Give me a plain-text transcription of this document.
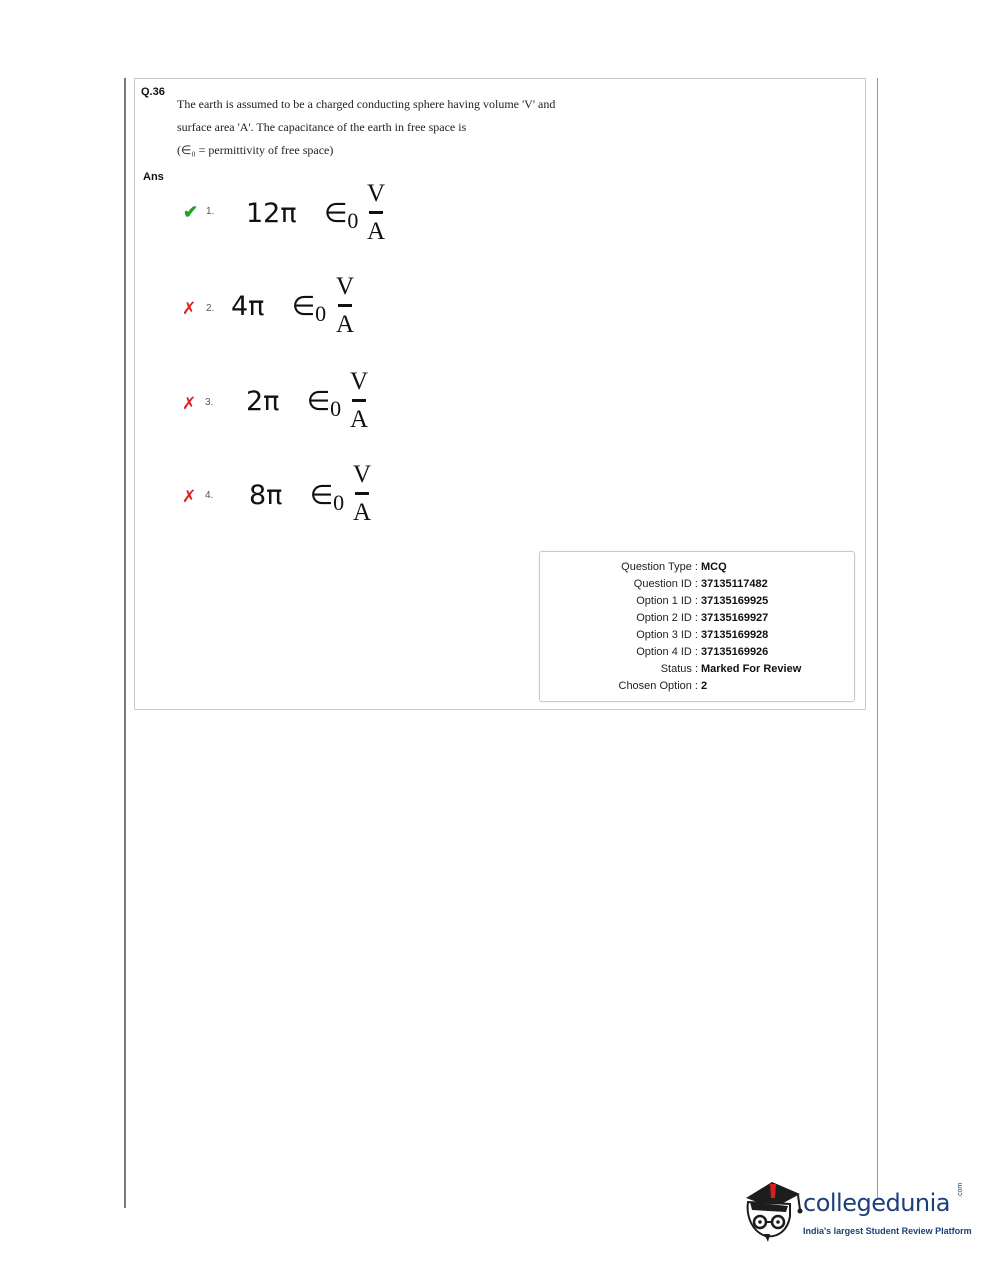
Q.36
The earth is assumed to be a charged conducting sphere having volume 'V' and
surface area 'A'. The capacitance of the earth in free space is
(∈₀ = permittivity of free space)
Ans
✔ 1. 12π $\in_0$
V
A
✗ 2. 4π $\in_0$
V
A
✗ 3. 2π $\in_0$
V
A
✗ 4. 8π $\in_0$
V
A
Question Type : MCQ
Question ID : 37135117482
Option 1 ID : 37135169925
Option 2 ID : 37135169927
Option 3 ID : 37135169928
Option 4 ID : 37135169926
Status : Marked For Review
Chosen Option : 2
collegedunia .com
India's largest Student Review Platform
